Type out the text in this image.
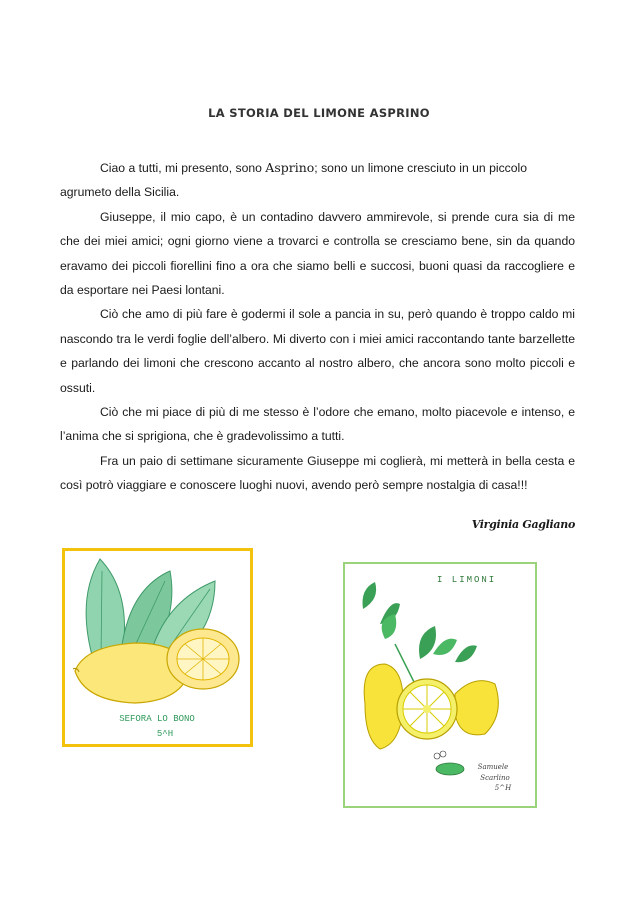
LA STORIA DEL LIMONE ASPRINO

Ciao a tutti, mi presento, sono Asprino; sono un limone cresciuto in un piccolo agrumeto della Sicilia.

Giuseppe, il mio capo, è un contadino davvero ammirevole, si prende cura sia di me che dei miei amici; ogni giorno viene a trovarci e controlla se cresciamo bene, sin da quando eravamo dei piccoli fiorellini fino a ora che siamo belli e succosi, buoni quasi da raccogliere e da esportare nei Paesi lontani.

Ciò che amo di più fare è godermi il sole a pancia in su, però quando è troppo caldo mi nascondo tra le verdi foglie dell’albero. Mi diverto con i miei amici raccontando tante barzellette e parlando dei limoni che crescono accanto al nostro albero, che ancora sono molto piccoli e ossuti.

Ciò che mi piace di più di me stesso è l’odore che emano, molto piacevole e intenso, e l’anima che si sprigiona, che è gradevolissimo a tutti.

Fra un paio di settimane sicuramente Giuseppe mi coglierà, mi metterà in bella cesta e così potrò viaggiare e conoscere luoghi nuovi, avendo però sempre nostalgia di casa!!!

Virginia Gagliano
SEFORA LO BONO
5^H
I LIMONI
Samuele
Scarlino
5^H
